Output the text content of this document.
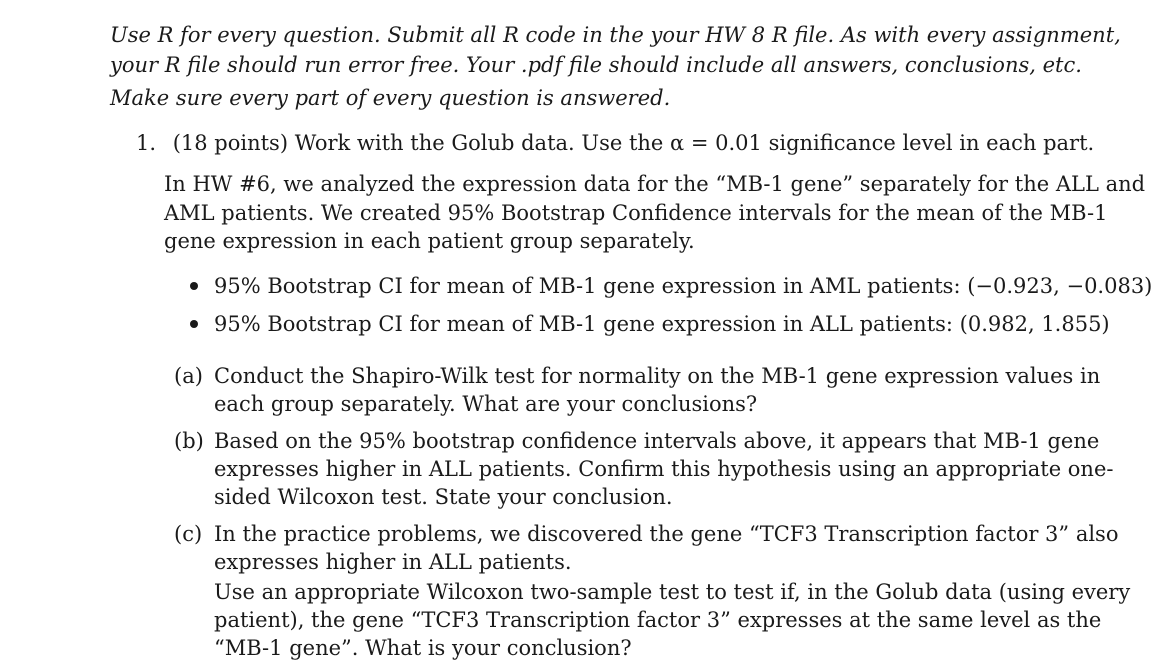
Use R for every question. Submit all R code in the your HW 8 R file. As with every assignment,
your R file should run error free. Your .pdf file should include all answers, conclusions, etc.
Make sure every part of every question is answered.
1. (18 points) Work with the Golub data. Use the α = 0.01 significance level in each part.
In HW #6, we analyzed the expression data for the “MB-1 gene” separately for the ALL and
AML patients. We created 95% Bootstrap Confidence intervals for the mean of the MB-1
gene expression in each patient group separately.
95% Bootstrap CI for mean of MB-1 gene expression in AML patients: (−0.923, −0.083)
95% Bootstrap CI for mean of MB-1 gene expression in ALL patients: (0.982, 1.855)
(a) Conduct the Shapiro-Wilk test for normality on the MB-1 gene expression values in
each group separately. What are your conclusions?
(b) Based on the 95% bootstrap confidence intervals above, it appears that MB-1 gene
expresses higher in ALL patients. Confirm this hypothesis using an appropriate one-
sided Wilcoxon test. State your conclusion.
(c) In the practice problems, we discovered the gene “TCF3 Transcription factor 3” also
expresses higher in ALL patients.
Use an appropriate Wilcoxon two-sample test to test if, in the Golub data (using every
patient), the gene “TCF3 Transcription factor 3” expresses at the same level as the
“MB-1 gene”. What is your conclusion?
